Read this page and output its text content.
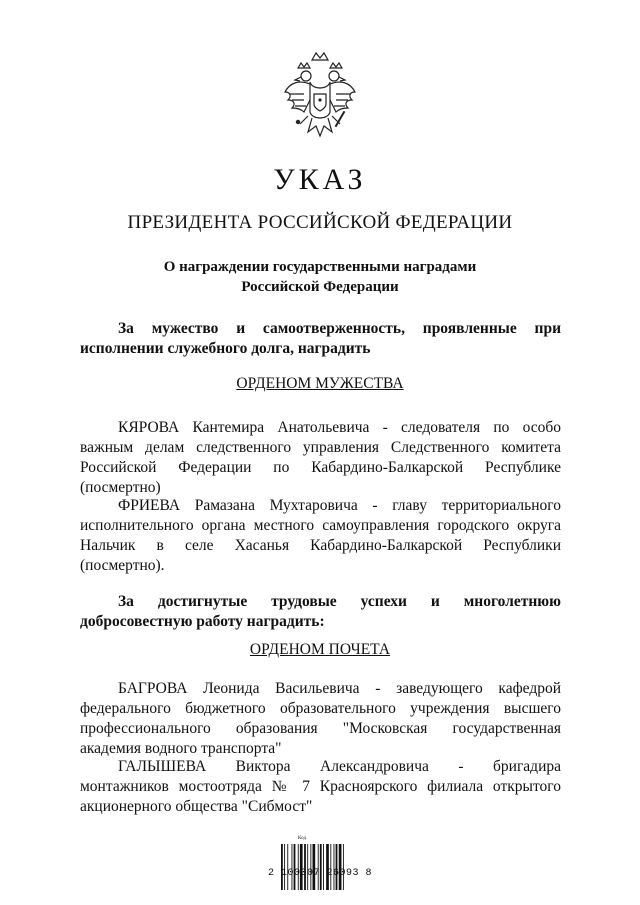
УКАЗ
ПРЕЗИДЕНТА РОССИЙСКОЙ ФЕДЕРАЦИИ
О награждении государственными наградами
Российской Федерации
За мужество и самоотверженность, проявленные при
исполнении служебного долга, наградить
ОРДЕНОМ МУЖЕСТВА
КЯРОВА Кантемира Анатольевича - следователя по особо
важным делам следственного управления Следственного комитета
Российской Федерации по Кабардино-Балкарской Республике
(посмертно)
ФРИЕВА Рамазана Мухтаровича - главу территориального
исполнительного органа местного самоуправления городского округа
Нальчик в селе Хасанья Кабардино-Балкарской Республики
(посмертно).
За достигнутые трудовые успехи и многолетнюю
добросовестную работу наградить:
ОРДЕНОМ ПОЧЕТА
БАГРОВА Леонида Васильевича - заведующего кафедрой
федерального бюджетного образовательного учреждения высшего
профессионального образования "Московская государственная
академия водного транспорта"
ГАЛЫШЕВА Виктора Александровича - бригадира
монтажников мостоотряда № 7 Красноярского филиала открытого
акционерного общества "Сибмост"
Код
2 100007 26093 8
